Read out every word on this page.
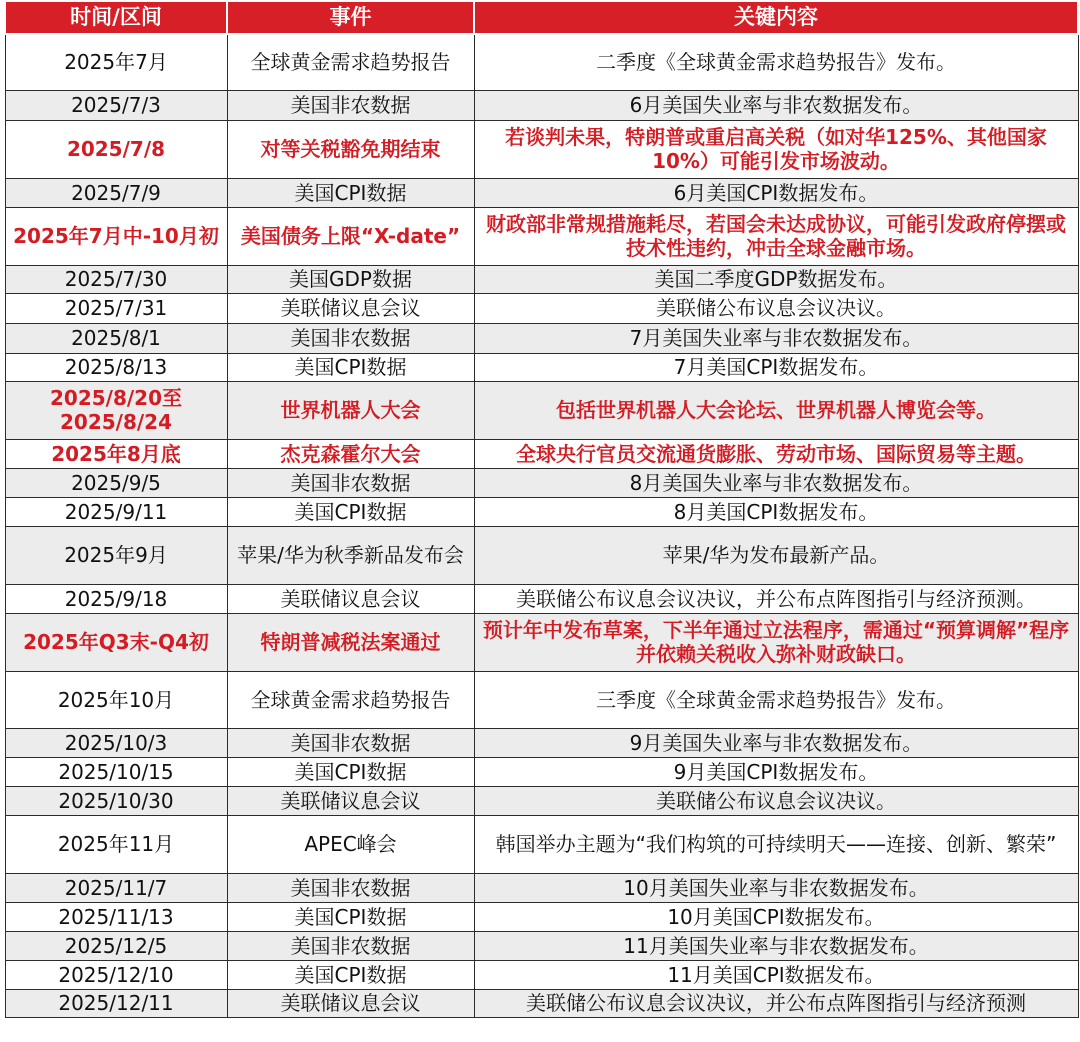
时间/区间	事件	关键内容
2025年7月	全球黄金需求趋势报告	二季度《全球黄金需求趋势报告》发布。
2025/7/3	美国非农数据	6月美国失业率与非农数据发布。
2025/7/8	对等关税豁免期结束	若谈判未果，特朗普或重启高关税（如对华125%、其他国家10%）可能引发市场波动。
2025/7/9	美国CPI数据	6月美国CPI数据发布。
2025年7月中-10月初	美国债务上限“X-date”	财政部非常规措施耗尽，若国会未达成协议，可能引发政府停摆或技术性违约，冲击全球金融市场。
2025/7/30	美国GDP数据	美国二季度GDP数据发布。
2025/7/31	美联储议息会议	美联储公布议息会议决议。
2025/8/1	美国非农数据	7月美国失业率与非农数据发布。
2025/8/13	美国CPI数据	7月美国CPI数据发布。
2025/8/20至2025/8/24	世界机器人大会	包括世界机器人大会论坛、世界机器人博览会等。
2025年8月底	杰克森霍尔大会	全球央行官员交流通货膨胀、劳动市场、国际贸易等主题。
2025/9/5	美国非农数据	8月美国失业率与非农数据发布。
2025/9/11	美国CPI数据	8月美国CPI数据发布。
2025年9月	苹果/华为秋季新品发布会	苹果/华为发布最新产品。
2025/9/18	美联储议息会议	美联储公布议息会议决议，并公布点阵图指引与经济预测。
2025年Q3末-Q4初	特朗普减税法案通过	预计年中发布草案，下半年通过立法程序，需通过“预算调解”程序并依赖关税收入弥补财政缺口。
2025年10月	全球黄金需求趋势报告	三季度《全球黄金需求趋势报告》发布。
2025/10/3	美国非农数据	9月美国失业率与非农数据发布。
2025/10/15	美国CPI数据	9月美国CPI数据发布。
2025/10/30	美联储议息会议	美联储公布议息会议决议。
2025年11月	APEC峰会	韩国举办主题为“我们构筑的可持续明天——连接、创新、繁荣”
2025/11/7	美国非农数据	10月美国失业率与非农数据发布。
2025/11/13	美国CPI数据	10月美国CPI数据发布。
2025/12/5	美国非农数据	11月美国失业率与非农数据发布。
2025/12/10	美国CPI数据	11月美国CPI数据发布。
2025/12/11	美联储议息会议	美联储公布议息会议决议，并公布点阵图指引与经济预测
